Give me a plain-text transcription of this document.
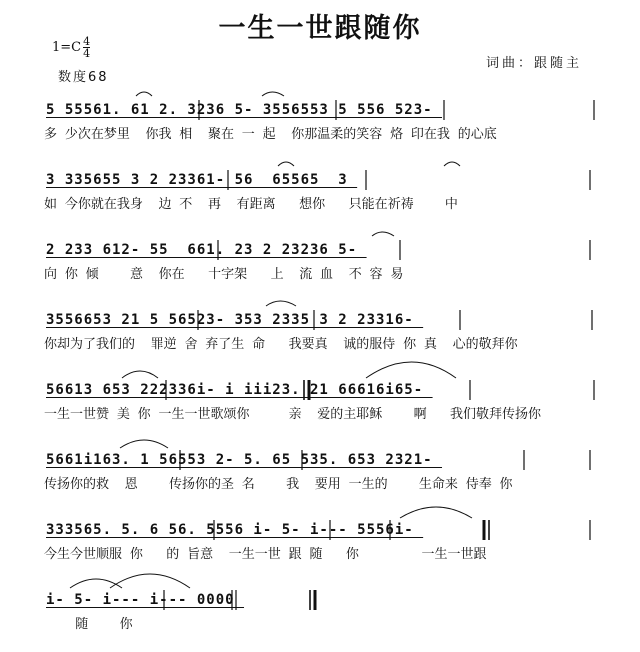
一生一世跟随你
$1=C \frac{4}{4}$
数度68
词曲：跟随主
5 55561. 61 2. 3236 5- 3556553 5 556 523-
多 少次在梦里  你我 相  聚在 一 起  你那温柔的笑容 烙 印在我 的心底
3 335655 3 2 23361- 56  65565  3
如 今你就在我身  边 不  再  有距离   想你   只能在祈祷    中
2 233 612- 55  661. 23 2 23236 5-
向 你 倾    意  你在   十字架   上  流 血  不 容 易
3556653 21 5 56523- 353 2335 3 2 23316-
你却为了我们的  罪逆 舍 弃了生 命   我要真  诚的服侍 你 真  心的敬拜你
56613 653 222336i- i iii23. 21 66616i65-
一生一世赞 美 你 一生一世歌颂你     亲  爱的主耶稣    啊   我们敬拜传扬你
5661i163. 1 56553 2- 5. 65 535. 653 2321-
传扬你的救  恩    传扬你的圣 名    我  要用 一生的    生命来 侍奉 你
333565. 5. 6 56. 5556 i- 5- i--- 5556i-
今生今世顺服 你   的 旨意  一生一世 跟 随   你        一生一世跟
i- 5- i--- i--- 0000
随    你
